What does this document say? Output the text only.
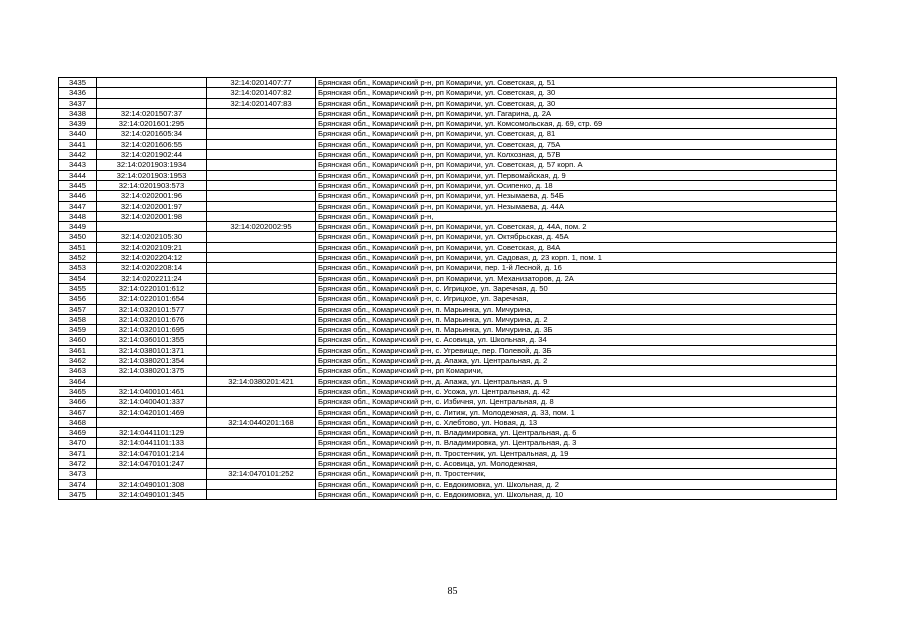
3435		32:14:0201407:77	Брянская обл., Комаричский р-н, рп Комаричи, ул. Советская, д. 51
3436		32:14:0201407:82	Брянская обл., Комаричский р-н, рп Комаричи, ул. Советская, д. 30
3437		32:14:0201407:83	Брянская обл., Комаричский р-н, рп Комаричи, ул. Советская, д. 30
3438	32:14:0201507:37		Брянская обл., Комаричский р-н, рп Комаричи, ул. Гагарина, д. 2А
3439	32:14:0201601:295		Брянская обл., Комаричский р-н, рп Комаричи, ул. Комсомольская, д. 69, стр. 69
3440	32:14:0201605:34		Брянская обл., Комаричский р-н, рп Комаричи, ул. Советская, д. 81
3441	32:14:0201606:55		Брянская обл., Комаричский р-н, рп Комаричи, ул. Советская, д. 75А
3442	32:14:0201902:44		Брянская обл., Комаричский р-н, рп Комаричи, ул. Колхозная, д. 57В
3443	32:14:0201903:1934		Брянская обл., Комаричский р-н, рп Комаричи, ул. Советская, д. 57 корп. А
3444	32:14:0201903:1953		Брянская обл., Комаричский р-н, рп Комаричи, ул. Первомайская, д. 9
3445	32:14:0201903:573		Брянская обл., Комаричский р-н, рп Комаричи, ул. Осипенко, д. 18
3446	32:14:0202001:96		Брянская обл., Комаричский р-н, рп Комаричи, ул. Незымаева, д. 54Б
3447	32:14:0202001:97		Брянская обл., Комаричский р-н, рп Комаричи, ул. Незымаева, д. 44А
3448	32:14:0202001:98		Брянская обл., Комаричский р-н,
3449		32:14:0202002:95	Брянская обл., Комаричский р-н, рп Комаричи, ул. Советская, д. 44А, пом. 2
3450	32:14:0202105:30		Брянская обл., Комаричский р-н, рп Комаричи, ул. Октябрьская, д. 45А
3451	32:14:0202109:21		Брянская обл., Комаричский р-н, рп Комаричи, ул. Советская, д. 84А
3452	32:14:0202204:12		Брянская обл., Комаричский р-н, рп Комаричи, ул. Садовая, д. 23 корп. 1, пом. 1
3453	32:14:0202208:14		Брянская обл., Комаричский р-н, рп Комаричи, пер. 1-й Лесной, д. 16
3454	32:14:0202211:24		Брянская обл., Комаричский р-н, рп Комаричи, ул. Механизаторов, д. 2А
3455	32:14:0220101:612		Брянская обл., Комаричский р-н, с. Игрицкое, ул. Заречная, д. 50
3456	32:14:0220101:654		Брянская обл., Комаричский р-н, с. Игрицкое, ул. Заречная,
3457	32:14:0320101:577		Брянская обл., Комаричский р-н, п. Марьинка, ул. Мичурина,
3458	32:14:0320101:676		Брянская обл., Комаричский р-н, п. Марьинка, ул. Мичурина, д. 2
3459	32:14:0320101:695		Брянская обл., Комаричский р-н, п. Марьинка, ул. Мичурина, д. 3Б
3460	32:14:0360101:355		Брянская обл., Комаричский р-н, с. Асовица, ул. Школьная, д. 34
3461	32:14:0380101:371		Брянская обл., Комаричский р-н, с. Угревище, пер. Полевой, д. 3Б
3462	32:14:0380201:354		Брянская обл., Комаричский р-н, д. Апажа, ул. Центральная, д. 2
3463	32:14:0380201:375		Брянская обл., Комаричский р-н, рп Комаричи,
3464		32:14:0380201:421	Брянская обл., Комаричский р-н, д. Апажа, ул. Центральная, д. 9
3465	32:14:0400101:461		Брянская обл., Комаричский р-н, с. Усожа, ул. Центральная, д. 42
3466	32:14:0400401:337		Брянская обл., Комаричский р-н, с. Избичня, ул. Центральная, д. 8
3467	32:14:0420101:469		Брянская обл., Комаричский р-н, с. Литиж, ул. Молодежная, д. 33, пом. 1
3468		32:14:0440201:168	Брянская обл., Комаричский р-н, с. Хлебтово, ул. Новая, д. 13
3469	32:14:0441101:129		Брянская обл., Комаричский р-н, п. Владимировка, ул. Центральная, д. 6
3470	32:14:0441101:133		Брянская обл., Комаричский р-н, п. Владимировка, ул. Центральная, д. 3
3471	32:14:0470101:214		Брянская обл., Комаричский р-н, п. Тростенчик, ул. Центральная, д. 19
3472	32:14:0470101:247		Брянская обл., Комаричский р-н, с. Асовица, ул. Молодежная,
3473		32:14:0470101:252	Брянская обл., Комаричский р-н, п. Тростенчик,
3474	32:14:0490101:308		Брянская обл., Комаричский р-н, с. Евдокимовка, ул. Школьная, д. 2
3475	32:14:0490101:345		Брянская обл., Комаричский р-н, с. Евдокимовка, ул. Школьная, д. 10
85
